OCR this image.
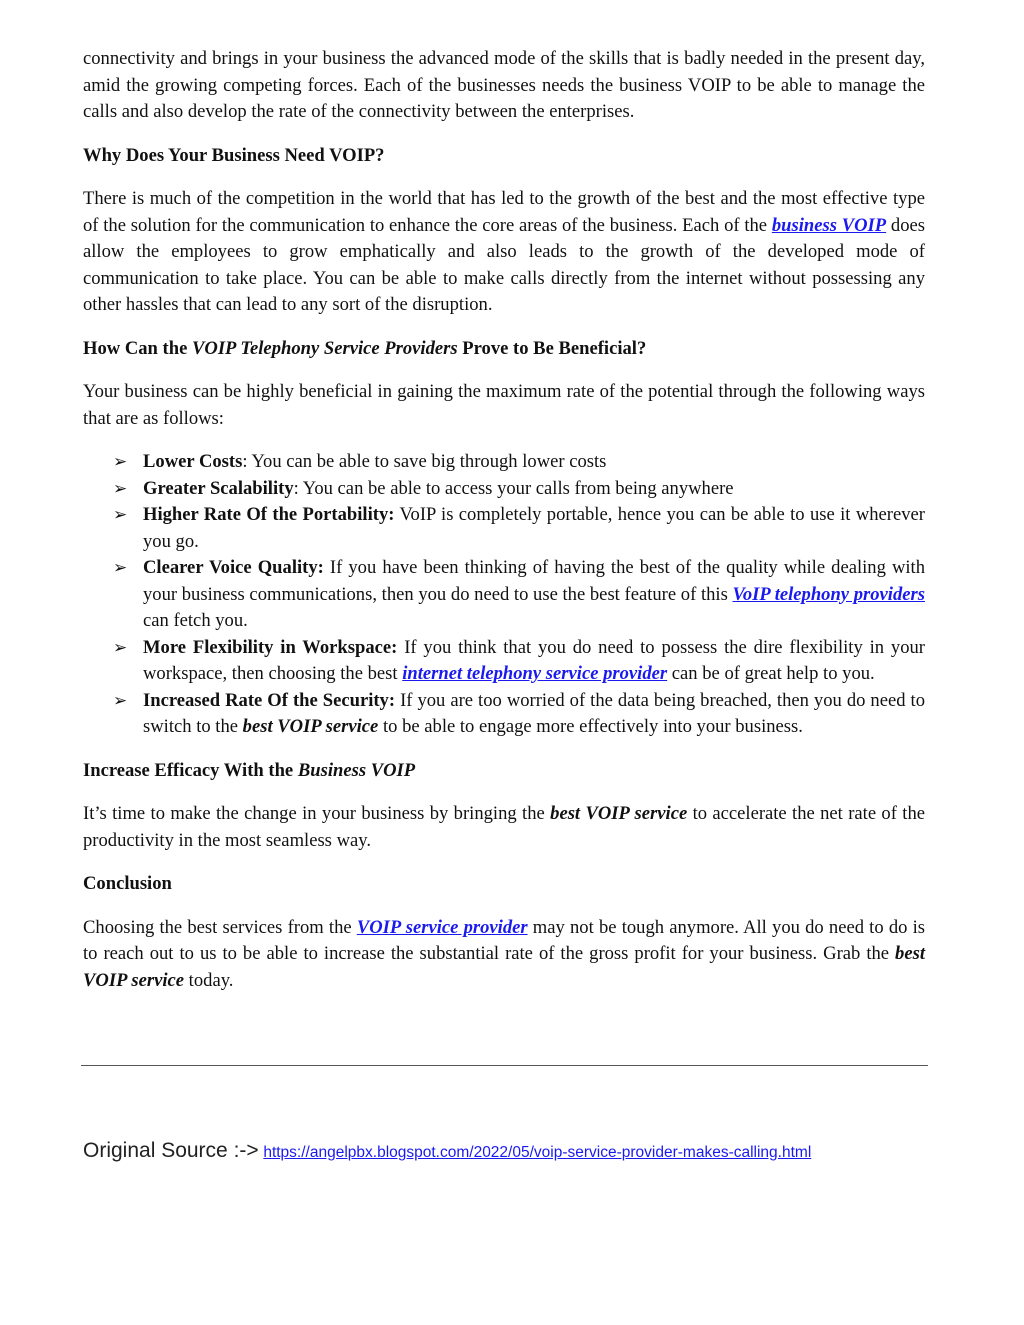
connectivity and brings in your business the advanced mode of the skills that is badly needed in the present day, amid the growing competing forces. Each of the businesses needs the business VOIP to be able to manage the calls and also develop the rate of the connectivity between the enterprises.

Why Does Your Business Need VOIP?

There is much of the competition in the world that has led to the growth of the best and the most effective type of the solution for the communication to enhance the core areas of the business. Each of the business VOIP does allow the employees to grow emphatically and also leads to the growth of the developed mode of communication to take place. You can be able to make calls directly from the internet without possessing any other hassles that can lead to any sort of the disruption.

How Can the VOIP Telephony Service Providers Prove to Be Beneficial?

Your business can be highly beneficial in gaining the maximum rate of the potential through the following ways that are as follows:

➢ Lower Costs: You can be able to save big through lower costs
➢ Greater Scalability: You can be able to access your calls from being anywhere
➢ Higher Rate Of the Portability: VoIP is completely portable, hence you can be able to use it wherever you go.
➢ Clearer Voice Quality: If you have been thinking of having the best of the quality while dealing with your business communications, then you do need to use the best feature of this VoIP telephony providers can fetch you.
➢ More Flexibility in Workspace: If you think that you do need to possess the dire flexibility in your workspace, then choosing the best internet telephony service provider can be of great help to you.
➢ Increased Rate Of the Security: If you are too worried of the data being breached, then you do need to switch to the best VOIP service to be able to engage more effectively into your business.
Increase Efficacy With the Business VOIP

It’s time to make the change in your business by bringing the best VOIP service to accelerate the net rate of the productivity in the most seamless way.

Conclusion

Choosing the best services from the VOIP service provider may not be tough anymore. All you do need to do is to reach out to us to be able to increase the substantial rate of the gross profit for your business. Grab the best VOIP service today.

Original Source :-> https://angelpbx.blogspot.com/2022/05/voip-service-provider-makes-calling.html
